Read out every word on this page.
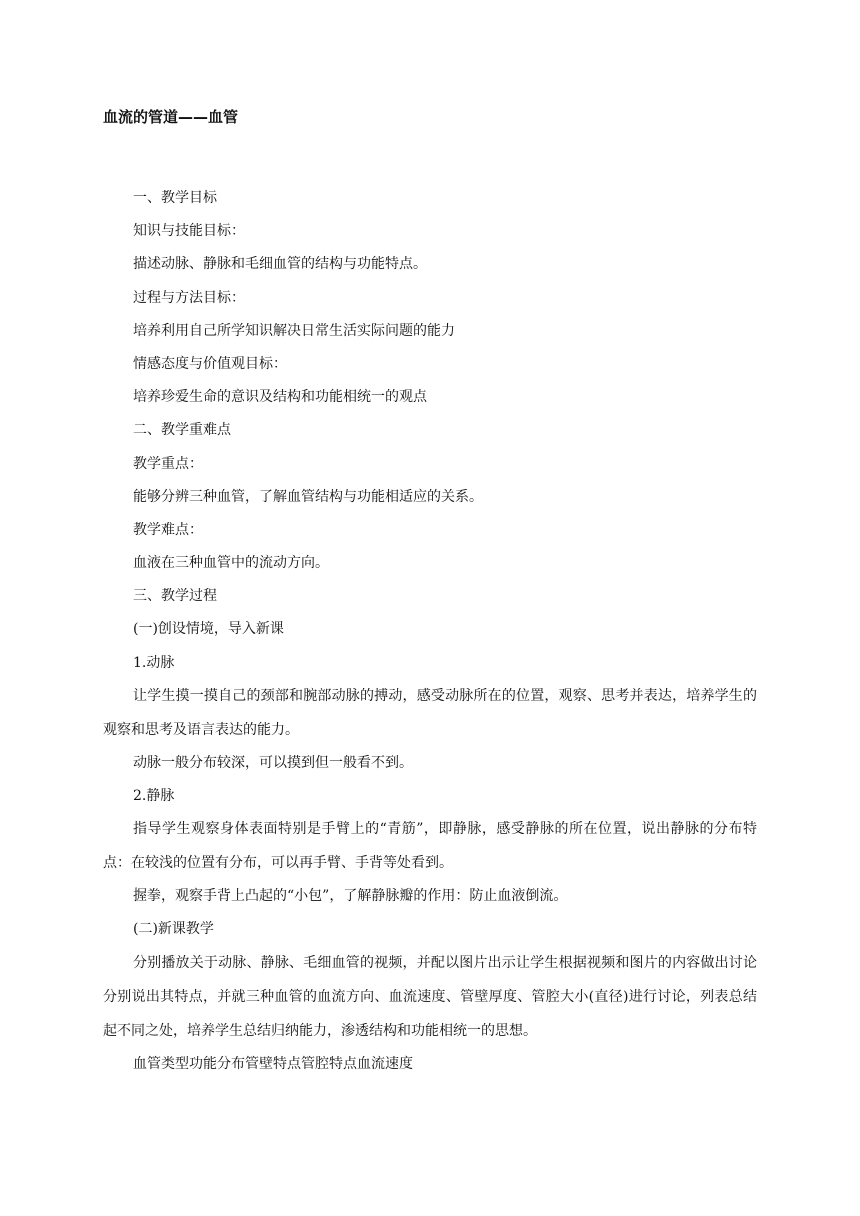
血流的管道——血管

一、教学目标

知识与技能目标：

描述动脉、静脉和毛细血管的结构与功能特点。

过程与方法目标：

培养利用自己所学知识解决日常生活实际问题的能力

情感态度与价值观目标：

培养珍爱生命的意识及结构和功能相统一的观点

二、教学重难点

教学重点：

能够分辨三种血管，了解血管结构与功能相适应的关系。

教学难点：

血液在三种血管中的流动方向。

三、教学过程

(一)创设情境，导入新课

1.动脉

让学生摸一摸自己的颈部和腕部动脉的搏动，感受动脉所在的位置，观察、思考并表达，培养学生的观察和思考及语言表达的能力。

动脉一般分布较深，可以摸到但一般看不到。

2.静脉

指导学生观察身体表面特别是手臂上的“青筋”，即静脉，感受静脉的所在位置，说出静脉的分布特点：在较浅的位置有分布，可以再手臂、手背等处看到。

握拳，观察手背上凸起的“小包”，了解静脉瓣的作用：防止血液倒流。

(二)新课教学

分别播放关于动脉、静脉、毛细血管的视频，并配以图片出示让学生根据视频和图片的内容做出讨论分别说出其特点，并就三种血管的血流方向、血流速度、管壁厚度、管腔大小(直径)进行讨论，列表总结起不同之处，培养学生总结归纳能力，渗透结构和功能相统一的思想。

血管类型功能分布管壁特点管腔特点血流速度
